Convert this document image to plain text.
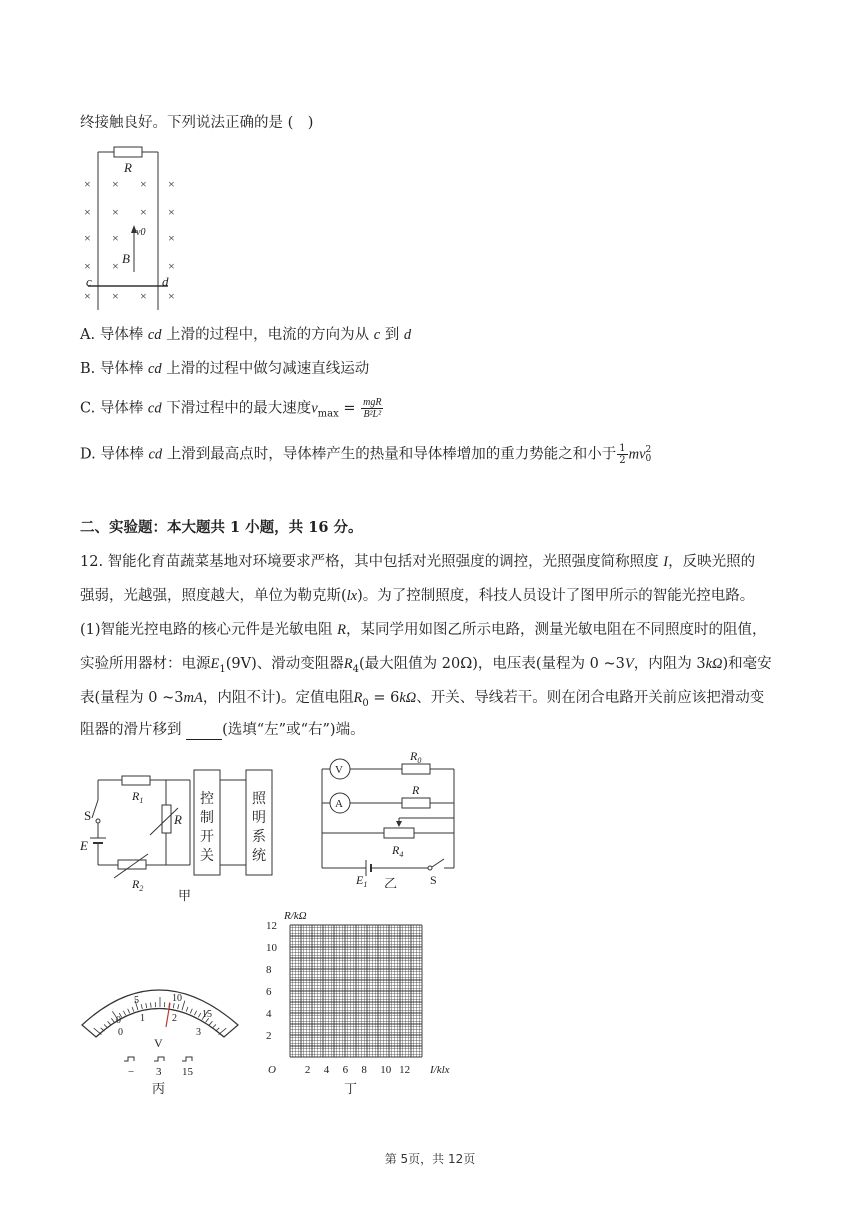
终接触良好。下列说法正确的是 ( )
R
v0
B
c	d
× × × ×
× × × ×
× ×	×
× ×	×
× × × ×
A. 导体棒 cd 上滑的过程中，电流的方向为从 c 到 d
B. 导体棒 cd 上滑的过程中做匀减速直线运动
C. 导体棒 cd 下滑过程中的最大速度$v_{max} = \frac{\text{mgR}}{\text{B²L²}}$
D. 导体棒 cd 上滑到最高点时，导体棒产生的热量和导体棒增加的重力势能之和小于 $\frac{1}{2}$ mv 2
0
二、实验题：本大题共 1 小题，共 16 分。
12. 智能化育苗蔬菜基地对环境要求严格，其中包括对光照强度的调控，光照强度简称照度 I，反映光照的
强弱，光越强，照度越大，单位为勒克斯(lx)。为了控制照度，科技人员设计了图甲所示的智能光控电路。
(1)智能光控电路的核心元件是光敏电阻 R，某同学用如图乙所示电路，测量光敏电阻在不同照度时的阻值，
实验所用器材：电源$E_1(9V)$、滑动变阻器$R_4$(最大阻值为 20Ω)，电压表(量程为 0 ~3V，内阻为 3kΩ)和毫安
表(量程为 0 ~3mA，内阻不计)。定值电阻$R_0 = 6k\Omega$、开关、导线若干。则在闭合电路开关前应该把滑动变
阻器的滑片移到 (选填“左”或“右”)端。
S
E
$R_1$
$R_2$
R
控
制
开
关
照
明
系
统
甲
V
A
$R_0$
R
$R_4$
$E_1$	S
乙
0
5	10
15
0
1	2
3
V
− 3 15
丙
R/kΩ
I/klx
O
2
4
6
8
10
12
2 4 6 8 10 12
丁
第 5页，共 12页
